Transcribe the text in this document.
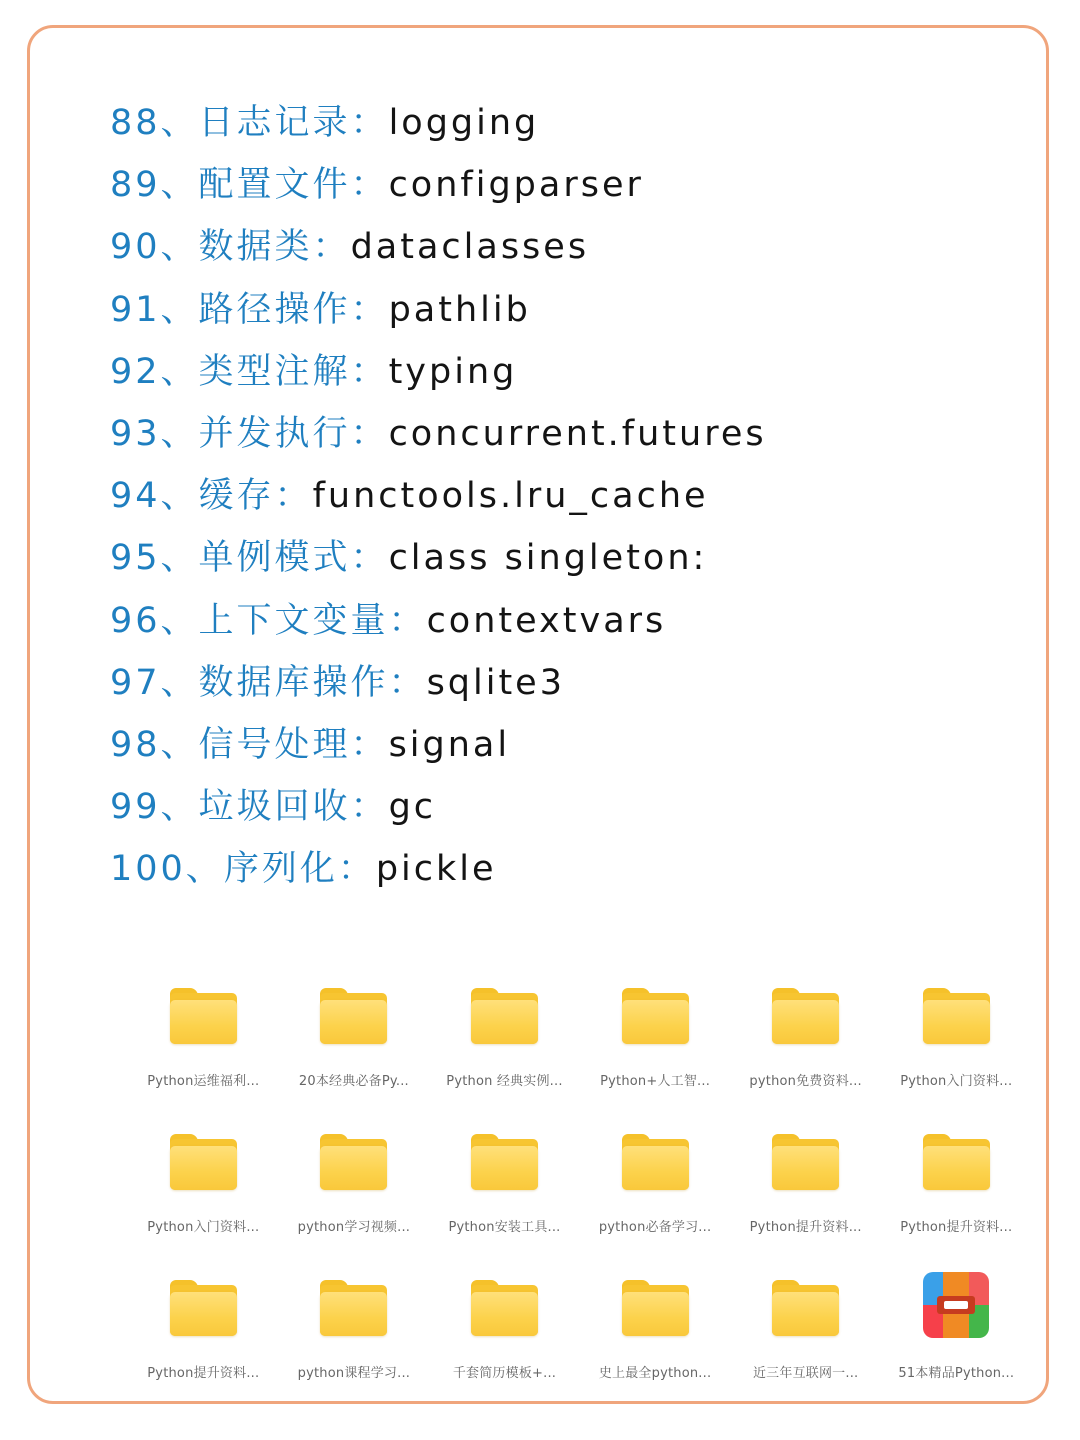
88、日志记录：logging
89、配置文件：configparser
90、数据类：dataclasses
91、路径操作：pathlib
92、类型注解：typing
93、并发执行：concurrent.futures
94、缓存：functools.lru_cache
95、单例模式：class singleton:
96、上下文变量：contextvars
97、数据库操作：sqlite3
98、信号处理：signal
99、垃圾回收：gc
100、序列化：pickle
Python运维福利...	20本经典必备Py...	Python 经典实例...	Python+人工智...	python免费资料...	Python入门资料...
Python入门资料...	python学习视频...	Python安装工具...	python必备学习...	Python提升资料...	Python提升资料...
Python提升资料...	python课程学习...	千套简历模板+...	史上最全python...	近三年互联网一...	51本精品Python...
